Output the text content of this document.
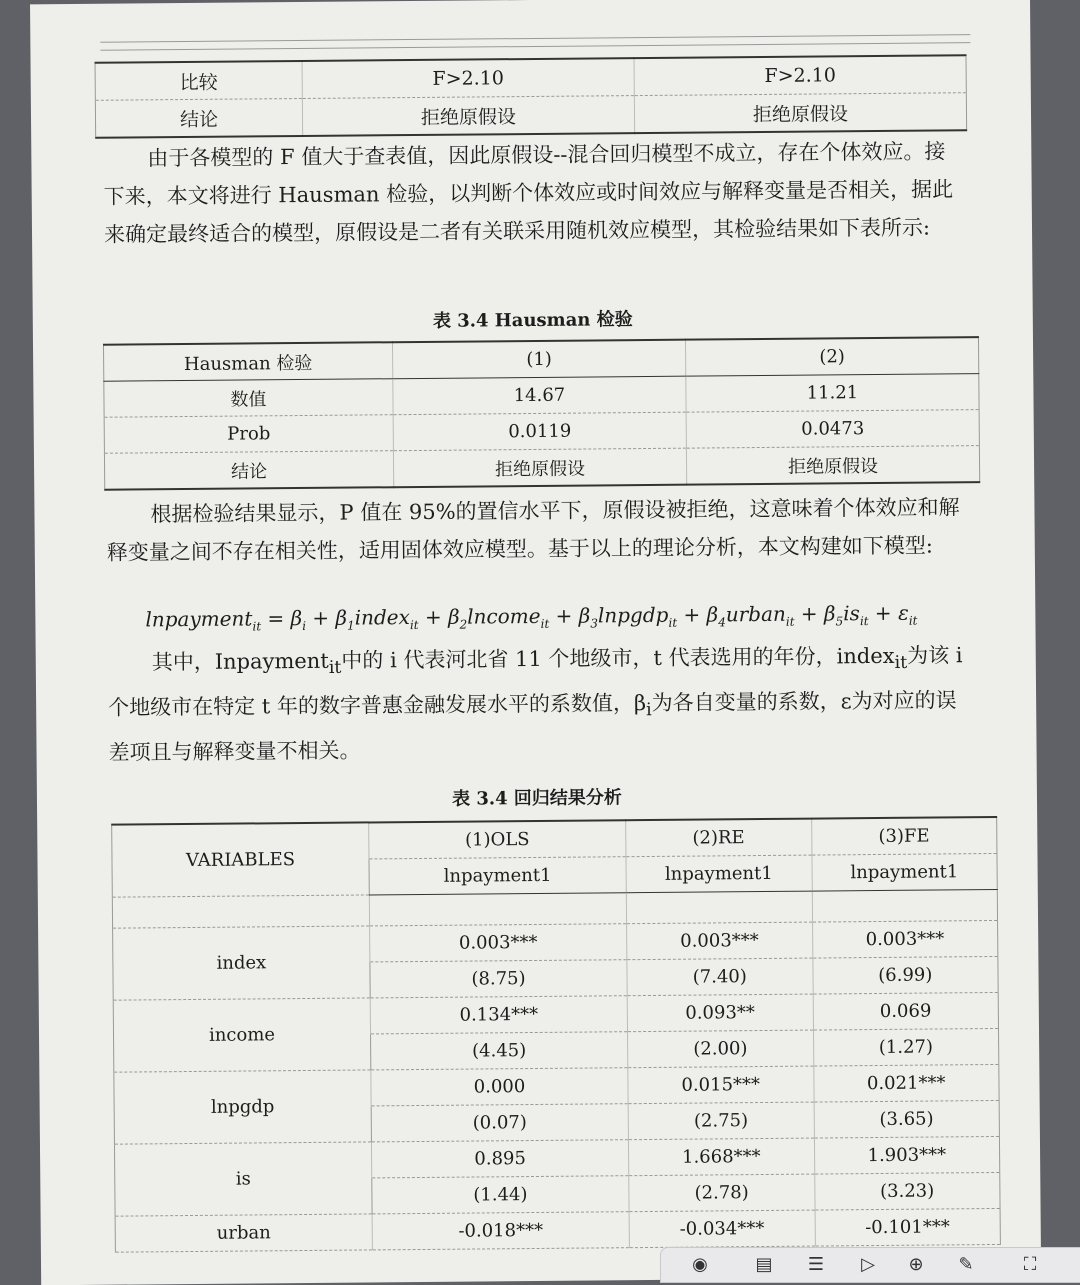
比较	F>2.10	F>2.10
结论	拒绝原假设	拒绝原假设
由于各模型的 F 值大于查表值，因此原假设--混合回归模型不成立，存在个体效应。接下来，本文将进行 Hausman 检验，以判断个体效应或时间效应与解释变量是否相关，据此来确定最终适合的模型，原假设是二者有关联采用随机效应模型，其检验结果如下表所示:
表 3.4 Hausman 检验
Hausman 检验	(1)	(2)
数值	14.67	11.21
Prob	0.0119	0.0473
结论	拒绝原假设	拒绝原假设
根据检验结果显示，P 值在 95%的置信水平下，原假设被拒绝，这意味着个体效应和解释变量之间不存在相关性，适用固体效应模型。基于以上的理论分析，本文构建如下模型:
lnpayment$_{it}$ = $\beta_i$ + $\beta_1index_{it}$ + $\beta_2lncome_{it}$ + $\beta_3lnpgdp_{it}$ + $\beta_4urban_{it} + \beta_5is_{it} + \varepsilon_{it}$
其中，Inpayment$_{it}$中的 i 代表河北省 11 个地级市，t 代表选用的年份，index$_{it}$为该 i 个地级市在特定 t 年的数字普惠金融发展水平的系数值，$\beta_i$为各自变量的系数，ε为对应的误差项且与解释变量不相关。
表 3.4 回归结果分析
VARIABLES	(1)OLS	(2)RE	(3)FE
	lnpayment1	lnpayment1	lnpayment1

index	0.003***	0.003***	0.003***
	(8.75)	(7.40)	(6.99)
income	0.134***	0.093**	0.069
	(4.45)	(2.00)	(1.27)
lnpgdp	0.000	0.015***	0.021***
	(0.07)	(2.75)	(3.65)
is	0.895	1.668***	1.903***
	(1.44)	(2.78)	(3.23)
urban	-0.018***	-0.034***	-0.101***
◉	▤ ☰ ▷ ⊕ ✎	⛶
